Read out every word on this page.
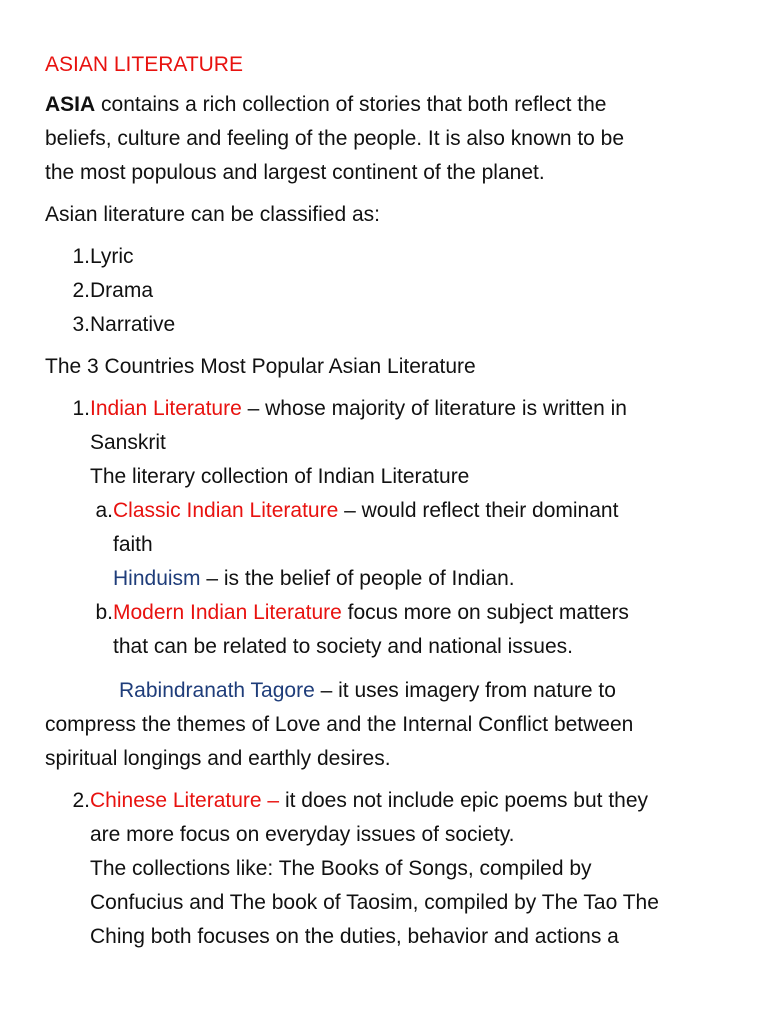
ASIAN LITERATURE
ASIA contains a rich collection of stories that both reflect the
beliefs, culture and feeling of the people. It is also known to be
the most populous and largest continent of the planet.
Asian literature can be classified as:
1. Lyric
2. Drama
3. Narrative
The 3 Countries Most Popular Asian Literature
1. Indian Literature – whose majority of literature is written in
Sanskrit
The literary collection of Indian Literature
a. Classic Indian Literature – would reflect their dominant
faith
Hinduism – is the belief of people of Indian.
b. Modern Indian Literature focus more on subject matters
that can be related to society and national issues.
Rabindranath Tagore – it uses imagery from nature to
compress the themes of Love and the Internal Conflict between
spiritual longings and earthly desires.
2. Chinese Literature – it does not include epic poems but they
are more focus on everyday issues of society.
The collections like: The Books of Songs, compiled by
Confucius and The book of Taosim, compiled by The Tao The
Ching both focuses on the duties, behavior and actions a
